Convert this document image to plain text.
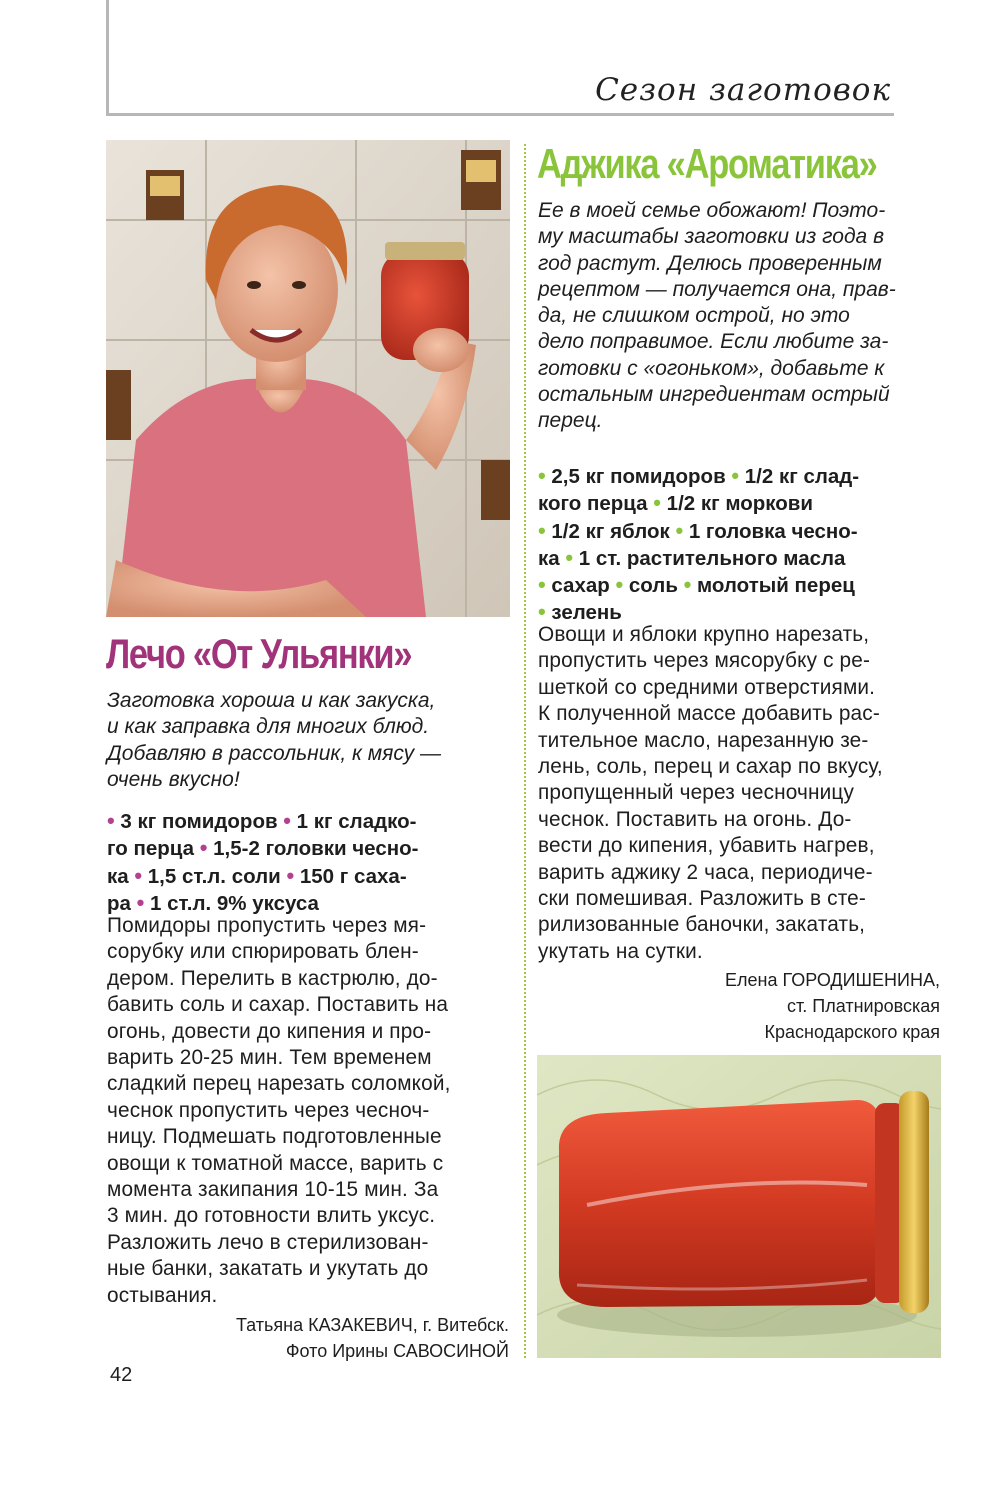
Сезон заготовок
Лечо «От Ульянки»
Заготовка хороша и как закуска,
и как заправка для многих блюд.
Добавляю в рассольник, к мясу —
очень вкусно!
• 3 кг помидоров • 1 кг сладко-
го перца • 1,5-2 головки чесно-
ка • 1,5 ст.л. соли • 150 г саха-
ра • 1 ст.л. 9% уксуса
Помидоры пропустить через мя-
сорубку или спюрировать блен-
дером. Перелить в кастрюлю, до-
бавить соль и сахар. Поставить на
огонь, довести до кипения и про-
варить 20-25 мин. Тем временем
сладкий перец нарезать соломкой,
чеснок пропустить через чесноч-
ницу. Подмешать подготовленные
овощи к томатной массе, варить с
момента закипания 10-15 мин. За
3 мин. до готовности влить уксус.
Разложить лечо в стерилизован-
ные банки, закатать и укутать до
остывания.
Татьяна КАЗАКЕВИЧ, г. Витебск.
Фото Ирины САВОСИНОЙ
42
Аджика «Ароматика»
Ее в моей семье обожают! Поэто-
му масштабы заготовки из года в
год растут. Делюсь проверенным
рецептом — получается она, прав-
да, не слишком острой, но это
дело поправимое. Если любите за-
готовки с «огоньком», добавьте к
остальным ингредиентам острый
перец.
• 2,5 кг помидоров • 1/2 кг слад-
кого перца • 1/2 кг моркови
• 1/2 кг яблок • 1 головка чесно-
ка • 1 ст. растительного масла
• сахар • соль • молотый перец
• зелень
Овощи и яблоки крупно нарезать,
пропустить через мясорубку с ре-
шеткой со средними отверстиями.
К полученной массе добавить рас-
тительное масло, нарезанную зе-
лень, соль, перец и сахар по вкусу,
пропущенный через чесночницу
чеснок. Поставить на огонь. До-
вести до кипения, убавить нагрев,
варить аджику 2 часа, периодиче-
ски помешивая. Разложить в сте-
рилизованные баночки, закатать,
укутать на сутки.
Елена ГОРОДИШЕНИНА,
ст. Платнировская
Краснодарского края
